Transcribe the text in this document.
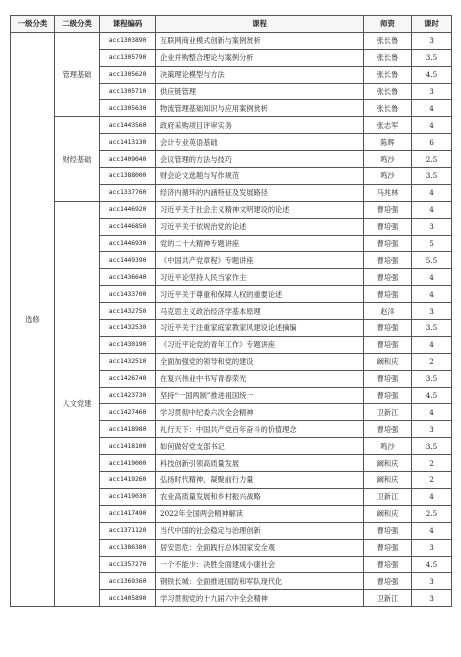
一级分类	二级分类	课程编码	课程	师资	课时
选修	管理基础	acc1303890	互联网商业模式创新与案例赏析	张长鲁	3
		acc1305790	企业并购整合理论与案例分析	张长鲁	3.5
		acc1305620	决策理论模型与方法	张长鲁	4.5
		acc1305710	供应链管理	张长鲁	3
		acc1305630	物流管理基础知识与应用案例赏析	张长鲁	4
	财经基础	acc1443560	政府采购项目评审实务	张志军	4
		acc1413130	会计专业英语基础	陈辉	6
		acc1409040	会议管理的方法与技巧	鸣沙	2.5
		acc1388000	财会论文选题与写作规范	鸣沙	3.5
		acc1337760	经济内循环的内涵特征及发展路径	马兆林	4
	人文党建	acc1446920	习近平关于社会主义精神文明建设的论述	曹培强	4
		acc1446850	习近平关于依规治党的论述	曹培强	3
		acc1446930	党的二十大精神专题讲座	曹培强	5
		acc1449390	《中国共产党章程》专题讲座	曹培强	5.5
		acc1436640	习近平论坚持人民当家作主	曹培强	4
		acc1433700	习近平关于尊重和保障人权的重要论述	曹培强	4
		acc1432750	马克思主义政治经济学基本原理	赵洋	3
		acc1432530	习近平关于注重家庭家教家风建设论述摘编	曹培强	3.5
		acc1430190	《习近平论党的青年工作》专题讲座	曹培强	4
		acc1432510	全面加强党的领导和党的建设	阚和庆	2
		acc1426740	在复兴伟业中书写青春荣光	曹培强	3.5
		acc1423730	坚持“一国两制”推进祖国统一	曹培强	4.5
		acc1427460	学习贯彻中纪委六次全会精神	卫新江	4
		acc1418980	礼行天下：中国共产党百年奋斗的价值理念	曹培强	3
		acc1418100	如何做好党支部书记	鸣沙	3.5
		acc1419000	科技创新引领高质量发展	阚和庆	2
		acc1419260	弘扬时代精神，凝聚前行力量	阚和庆	2
		acc1419030	农业高质量发展和乡村振兴战略	卫新江	4
		acc1417490	2022年全国两会精神解读	阚和庆	2.5
		acc1371120	当代中国的社会稳定与治理创新	曹培强	4
		acc1386380	居安思危：全面践行总体国家安全观	曹培强	3
		acc1357270	一个不能少：决胜全面建成小康社会	曹培强	4.5
		acc1369360	钢铁长城：全面推进国防和军队现代化	曹培强	3
		acc1405890	学习贯彻党的十九届六中全会精神	卫新江	3
